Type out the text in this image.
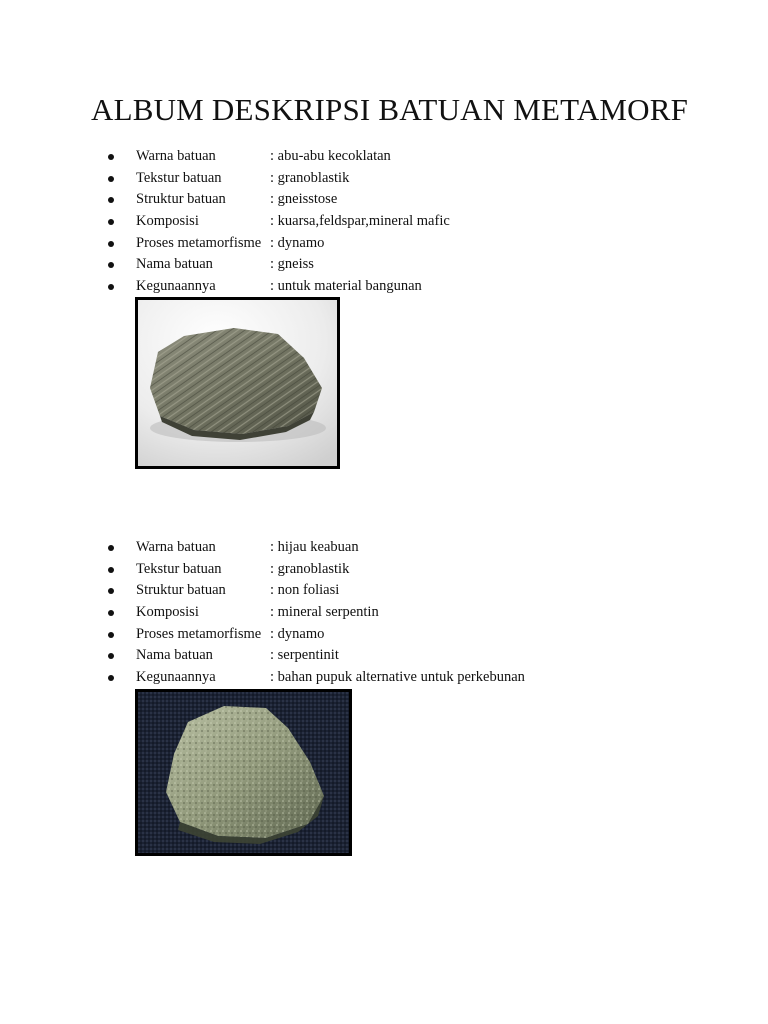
ALBUM DESKRIPSI BATUAN METAMORF
Warna batuan	: abu-abu kecoklatan
Tekstur batuan	: granoblastik
Struktur batuan	: gneisstose
Komposisi	: kuarsa,feldspar,mineral mafic
Proses metamorfisme : dynamo
Nama batuan	: gneiss
Kegunaannya	: untuk material bangunan
Warna batuan	: hijau keabuan
Tekstur batuan	: granoblastik
Struktur batuan	: non foliasi
Komposisi	: mineral serpentin
Proses metamorfisme : dynamo
Nama batuan	: serpentinit
Kegunaannya	: bahan pupuk alternative untuk perkebunan
